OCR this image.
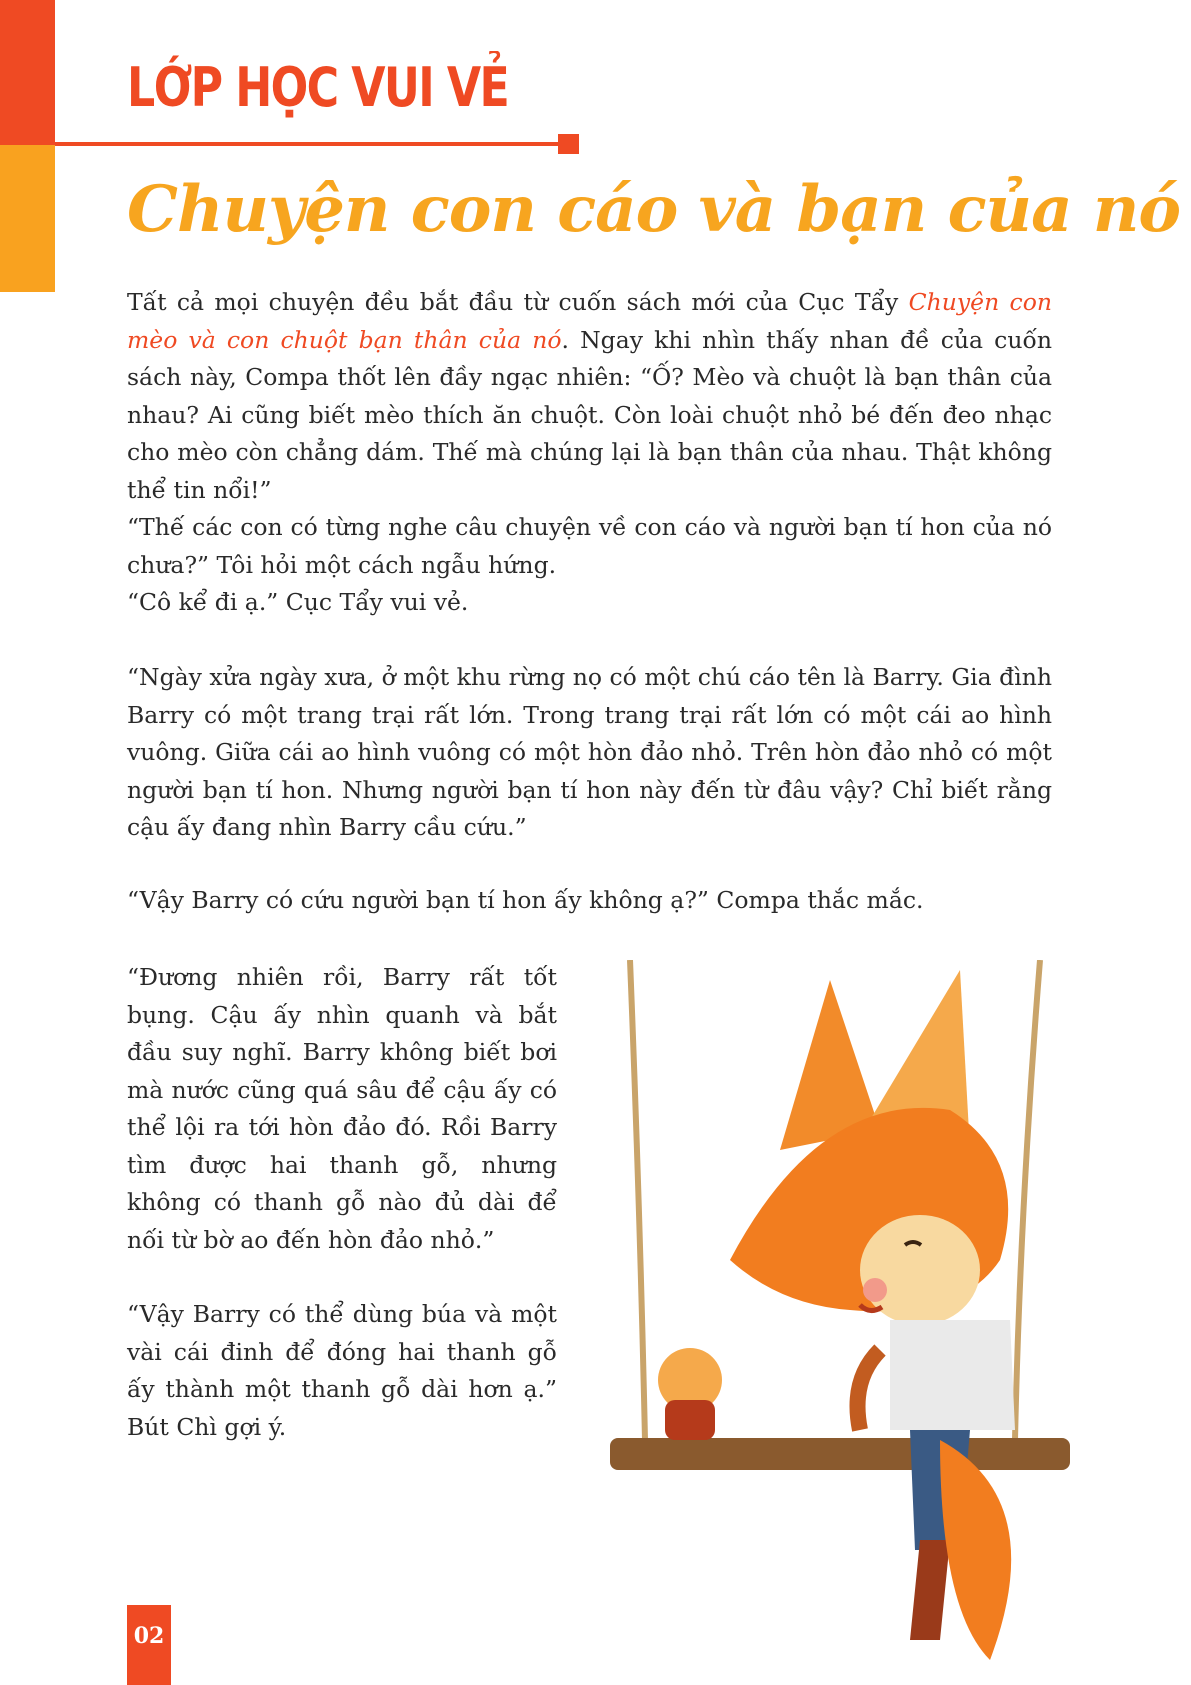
LỚP HỌC VUI VẺ
Chuyện con cáo và bạn của nó

Tất cả mọi chuyện đều bắt đầu từ cuốn sách mới của Cục Tẩy Chuyện con mèo và con chuột bạn thân của nó. Ngay khi nhìn thấy nhan đề của cuốn sách này, Compa thốt lên đầy ngạc nhiên: “Ố? Mèo và chuột là bạn thân của nhau? Ai cũng biết mèo thích ăn chuột. Còn loài chuột nhỏ bé đến đeo nhạc cho mèo còn chẳng dám. Thế mà chúng lại là bạn thân của nhau. Thật không thể tin nổi!”

“Thế các con có từng nghe câu chuyện về con cáo và người bạn tí hon của nó chưa?” Tôi hỏi một cách ngẫu hứng.
“Cô kể đi ạ.” Cục Tẩy vui vẻ.

“Ngày xửa ngày xưa, ở một khu rừng nọ có một chú cáo tên là Barry. Gia đình Barry có một trang trại rất lớn. Trong trang trại rất lớn có một cái ao hình vuông. Giữa cái ao hình vuông có một hòn đảo nhỏ. Trên hòn đảo nhỏ có một người bạn tí hon. Nhưng người bạn tí hon này đến từ đâu vậy? Chỉ biết rằng cậu ấy đang nhìn Barry cầu cứu.”

“Vậy Barry có cứu người bạn tí hon ấy không ạ?” Compa thắc mắc.

“Đương nhiên rồi, Barry rất tốt bụng. Cậu ấy nhìn quanh và bắt đầu suy nghĩ. Barry không biết bơi mà nước cũng quá sâu để cậu ấy có thể lội ra tới hòn đảo đó. Rồi Barry tìm được hai thanh gỗ, nhưng không có thanh gỗ nào đủ dài để nối từ bờ ao đến hòn đảo nhỏ.”

“Vậy Barry có thể dùng búa và một vài cái đinh để đóng hai thanh gỗ ấy thành một thanh gỗ dài hơn ạ.” Bút Chì gợi ý.

02
